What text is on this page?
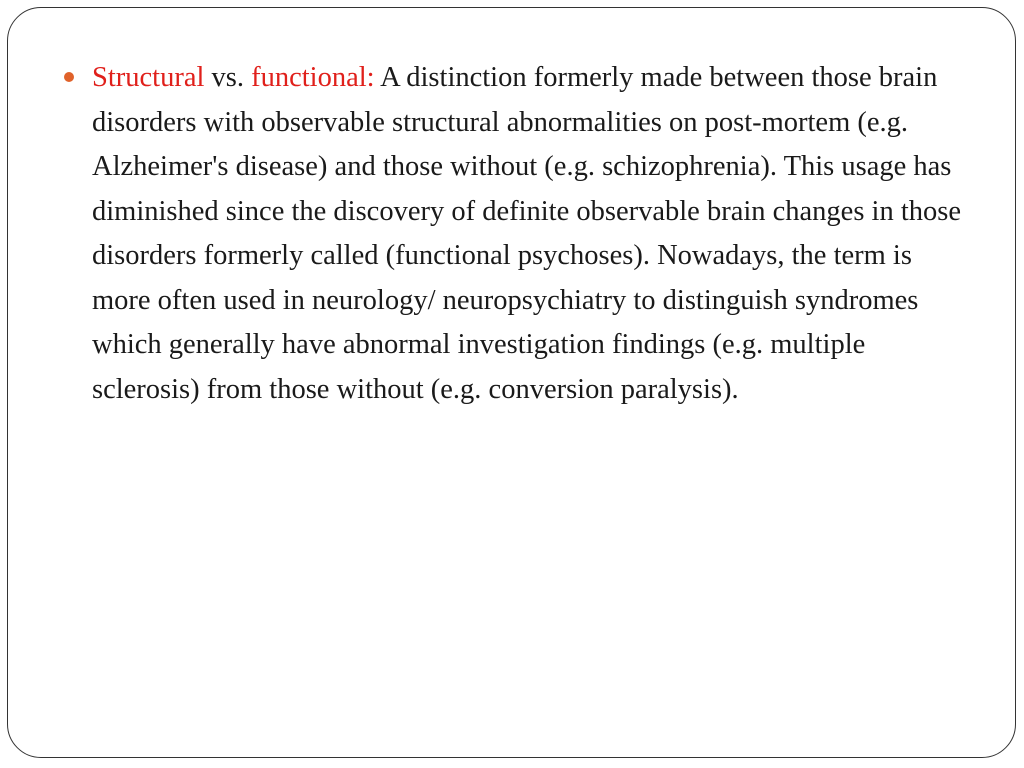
Structural vs. functional: A distinction formerly made between those brain disorders with observable structural abnormalities on post-mortem (e.g. Alzheimer's disease) and those without (e.g. schizophrenia). This usage has diminished since the discovery of definite observable brain changes in those disorders formerly called (functional psychoses). Nowadays, the term is more often used in neurology/ neuropsychiatry to distinguish syndromes which generally have abnormal investigation findings (e.g. multiple sclerosis) from those without (e.g. conversion paralysis).
